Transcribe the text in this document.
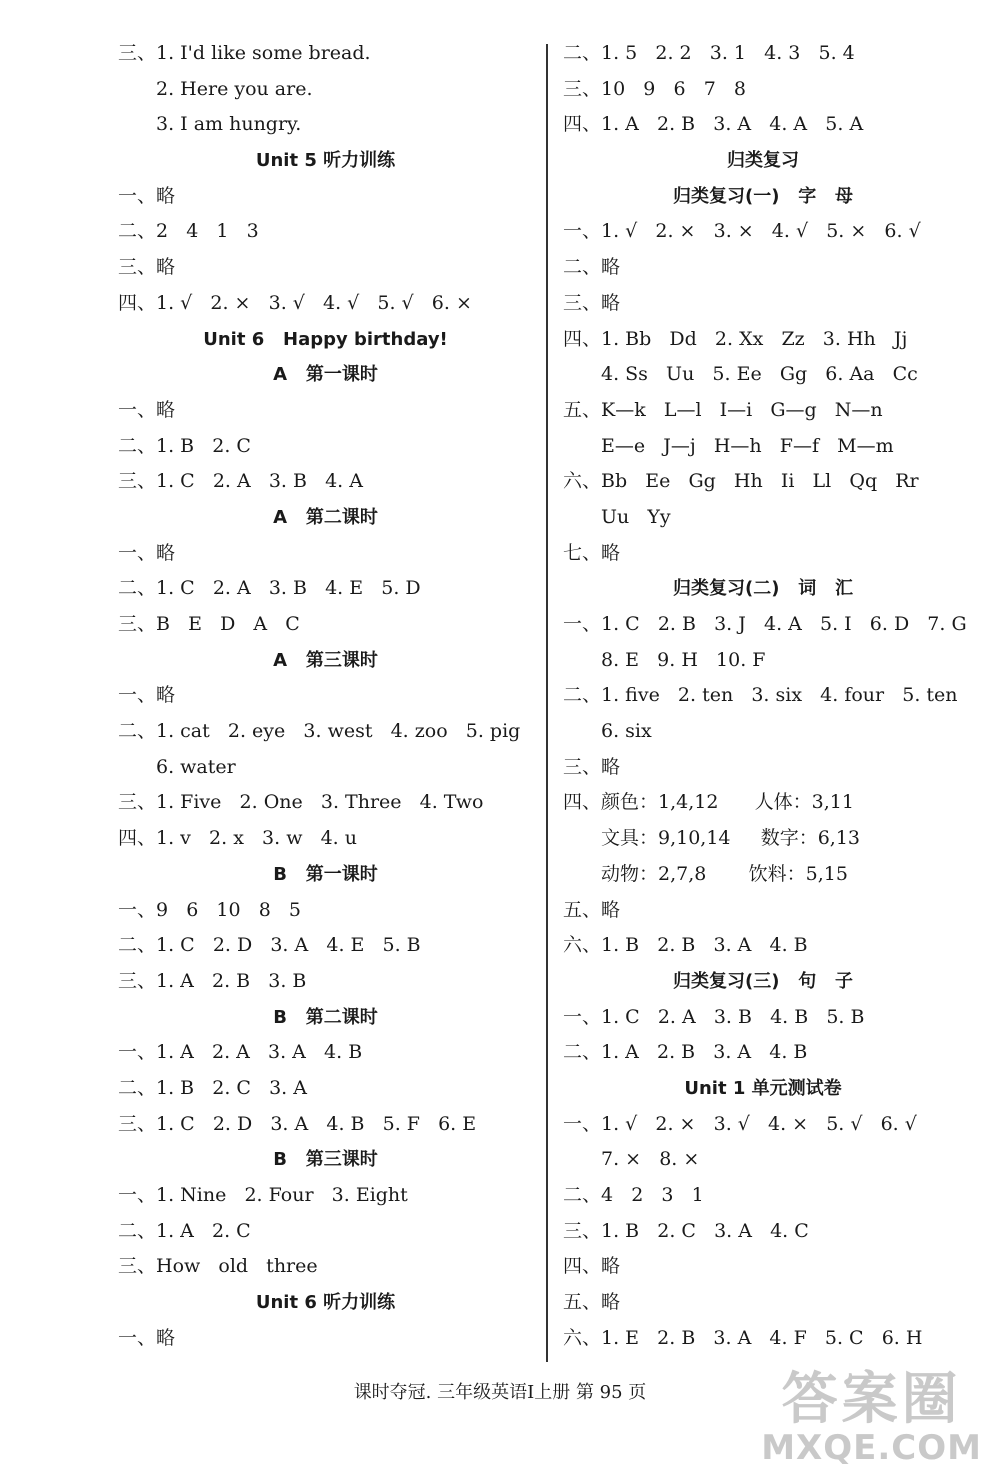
三、1. I'd like some bread.
2. Here you are.
3. I am hungry.
Unit 5 听力训练
一、略
二、2   4   1   3
三、略
四、1. √   2. ×   3. √   4. √   5. √   6. ×
Unit 6   Happy birthday!
A   第一课时
一、略
二、1. B   2. C
三、1. C   2. A   3. B   4. A
A   第二课时
一、略
二、1. C   2. A   3. B   4. E   5. D
三、B   E   D   A   C
A   第三课时
一、略
二、1. cat   2. eye   3. west   4. zoo   5. pig
6. water
三、1. Five   2. One   3. Three   4. Two
四、1. v   2. x   3. w   4. u
B   第一课时
一、9   6   10   8   5
二、1. C   2. D   3. A   4. E   5. B
三、1. A   2. B   3. B
B   第二课时
一、1. A   2. A   3. A   4. B
二、1. B   2. C   3. A
三、1. C   2. D   3. A   4. B   5. F   6. E
B   第三课时
一、1. Nine   2. Four   3. Eight
二、1. A   2. C
三、How   old   three
Unit 6 听力训练
一、略
二、1. 5   2. 2   3. 1   4. 3   5. 4
三、10   9   6   7   8
四、1. A   2. B   3. A   4. A   5. A
归类复习
归类复习(一)   字   母
一、1. √   2. ×   3. ×   4. √   5. ×   6. √
二、略
三、略
四、1. Bb   Dd   2. Xx   Zz   3. Hh   Jj
4. Ss   Uu   5. Ee   Gg   6. Aa   Cc
五、K—k   L—l   I—i   G—g   N—n
E—e   J—j   H—h   F—f   M—m
六、Bb   Ee   Gg   Hh   Ii   Ll   Qq   Rr
Uu   Yy
七、略
归类复习(二)   词   汇
一、1. C   2. B   3. J   4. A   5. I   6. D   7. G
8. E   9. H   10. F
二、1. five   2. ten   3. six   4. four   5. ten
6. six
三、略
四、颜色：1,4,12      人体：3,11
文具：9,10,14     数字：6,13
动物：2,7,8       饮料：5,15
五、略
六、1. B   2. B   3. A   4. B
归类复习(三)   句   子
一、1. C   2. A   3. B   4. B   5. B
二、1. A   2. B   3. A   4. B
Unit 1 单元测试卷
一、1. √   2. ×   3. √   4. ×   5. √   6. √
7. ×   8. ×
二、4   2   3   1
三、1. B   2. C   3. A   4. C
四、略
五、略
六、1. E   2. B   3. A   4. F   5. C   6. H
课时夺冠. 三年级英语Ⅰ上册 第 95 页	答案圈
MXQE.COM
